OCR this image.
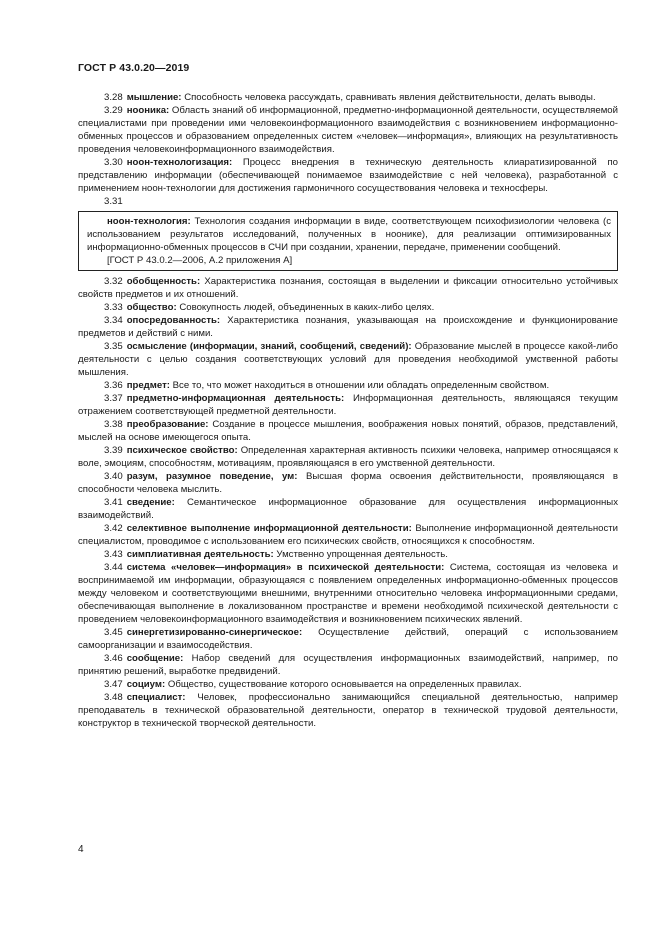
ГОСТ Р 43.0.20—2019

3.28 мышление: Способность человека рассуждать, сравнивать явления действительности, делать выводы.

3.29 нооника: Область знаний об информационной, предметно-информационной деятельности, осуществляемой специалистами при проведении ими человекоинформационного взаимодействия с возникновением информационно-обменных процессов и образованием определенных систем «человек—информация», влияющих на результативность проведения человекоинформационного взаимодействия.

3.30 ноон-технологизация: Процесс внедрения в техническую деятельность клиаратизированной по представлению информации (обеспечивающей понимаемое взаимодействие с ней человека), разработанной с применением ноон-технологии для достижения гармоничного сосуществования человека и техносферы.

3.31

ноон-технология: Технология создания информации в виде, соответствующем психофизиологии человека (с использованием результатов исследований, полученных в ноонике), для реализации оптимизированных информационно-обменных процессов в СЧИ при создании, хранении, передаче, применении сообщений.

[ГОСТ Р 43.0.2—2006, А.2 приложения А]

3.32 обобщенность: Характеристика познания, состоящая в выделении и фиксации относительно устойчивых свойств предметов и их отношений.

3.33 общество: Совокупность людей, объединенных в каких-либо целях.

3.34 опосредованность: Характеристика познания, указывающая на происхождение и функционирование предметов и действий с ними.

3.35 осмысление (информации, знаний, сообщений, сведений): Образование мыслей в процессе какой-либо деятельности с целью создания соответствующих условий для проведения необходимой умственной работы мышления.

3.36 предмет: Все то, что может находиться в отношении или обладать определенным свойством.

3.37 предметно-информационная деятельность: Информационная деятельность, являющаяся текущим отражением соответствующей предметной деятельности.

3.38 преобразование: Создание в процессе мышления, воображения новых понятий, образов, представлений, мыслей на основе имеющегося опыта.

3.39 психическое свойство: Определенная характерная активность психики человека, например относящаяся к воле, эмоциям, способностям, мотивациям, проявляющаяся в его умственной деятельности.

3.40 разум, разумное поведение, ум: Высшая форма освоения действительности, проявляющаяся в способности человека мыслить.

3.41 сведение: Семантическое информационное образование для осуществления информационных взаимодействий.

3.42 селективное выполнение информационной деятельности: Выполнение информационной деятельности специалистом, проводимое с использованием его психических свойств, относящихся к способностям.

3.43 симплиативная деятельность: Умственно упрощенная деятельность.

3.44 система «человек—информация» в психической деятельности: Система, состоящая из человека и воспринимаемой им информации, образующаяся с появлением определенных информационно-обменных процессов между человеком и соответствующими внешними, внутренними относительно человека информационными средами, обеспечивающая выполнение в локализованном пространстве и времени необходимой психической деятельности с проведением человекоинформационного взаимодействия и возникновением психических явлений.

3.45 синергетизированно-синергическое: Осуществление действий, операций с использованием самоорганизации и взаимосодействия.

3.46 сообщение: Набор сведений для осуществления информационных взаимодействий, например, по принятию решений, выработке предвидений.

3.47 социум: Общество, существование которого основывается на определенных правилах.

3.48 специалист: Человек, профессионально занимающийся специальной деятельностью, например преподаватель в технической образовательной деятельности, оператор в технической трудовой деятельности, конструктор в технической творческой деятельности.

4
